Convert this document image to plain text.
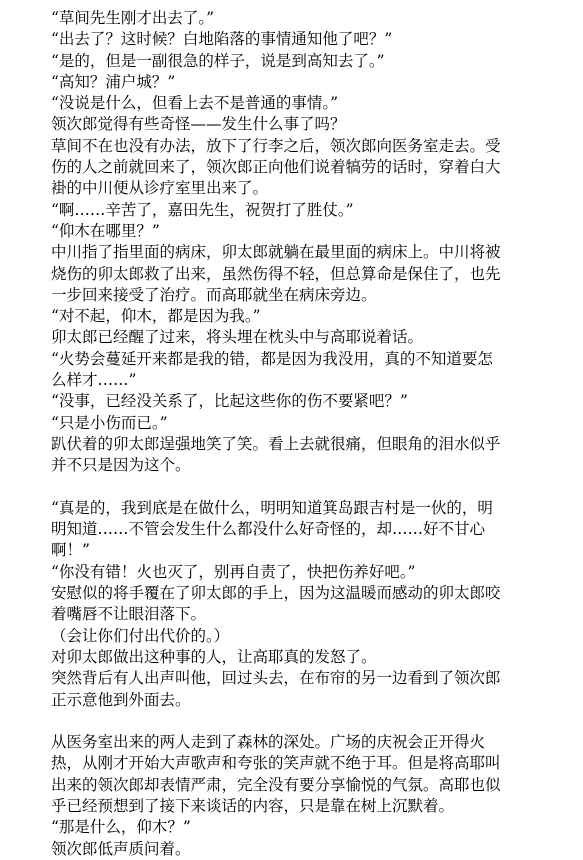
“草间先生刚才出去了。”
“出去了？这时候？白地陷落的事情通知他了吧？”
“是的，但是一副很急的样子，说是到高知去了。”
“高知？浦户城？”
“没说是什么，但看上去不是普通的事情。”
领次郎觉得有些奇怪——发生什么事了吗？
草间不在也没有办法，放下了行李之后，领次郎向医务室走去。受
伤的人之前就回来了，领次郎正向他们说着犒劳的话时，穿着白大
褂的中川便从诊疗室里出来了。
“啊……辛苦了，嘉田先生，祝贺打了胜仗。”
“仰木在哪里？”
中川指了指里面的病床，卯太郎就躺在最里面的病床上。中川将被
烧伤的卯太郎救了出来，虽然伤得不轻，但总算命是保住了，也先
一步回来接受了治疗。而高耶就坐在病床旁边。
“对不起，仰木，都是因为我。”
卯太郎已经醒了过来，将头埋在枕头中与高耶说着话。
“火势会蔓延开来都是我的错，都是因为我没用，真的不知道要怎
么样才……”
“没事，已经没关系了，比起这些你的伤不要紧吧？”
“只是小伤而已。”
趴伏着的卯太郎逞强地笑了笑。看上去就很痛，但眼角的泪水似乎
并不只是因为这个。
“真是的，我到底是在做什么，明明知道箕岛跟吉村是一伙的，明
明知道……不管会发生什么都没什么好奇怪的，却……好不甘心
啊！”
“你没有错！火也灭了，别再自责了，快把伤养好吧。”
安慰似的将手覆在了卯太郎的手上，因为这温暖而感动的卯太郎咬
着嘴唇不让眼泪落下。
（会让你们付出代价的。）
对卯太郎做出这种事的人，让高耶真的发怒了。
突然背后有人出声叫他，回过头去，在布帘的另一边看到了领次郎
正示意他到外面去。
从医务室出来的两人走到了森林的深处。广场的庆祝会正开得火
热，从刚才开始大声歌声和夸张的笑声就不绝于耳。但是将高耶叫
出来的领次郎却表情严肃，完全没有要分享愉悦的气氛。高耶也似
乎已经预想到了接下来谈话的内容，只是靠在树上沉默着。
“那是什么，仰木？”
领次郎低声质问着。
